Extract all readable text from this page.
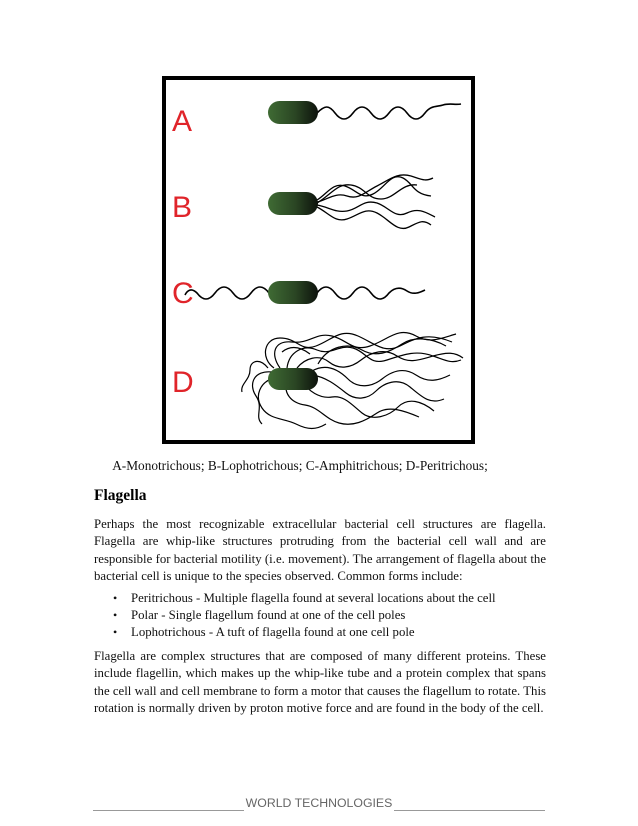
A
B
C
D
A-Monotrichous; B-Lophotrichous; C-Amphitrichous; D-Peritrichous;
Flagella

Perhaps the most recognizable extracellular bacterial cell structures are flagella. Flagella are whip-like structures protruding from the bacterial cell wall and are responsible for bacterial motility (i.e. movement). The arrangement of flagella about the bacterial cell is unique to the species observed. Common forms include:

• Peritrichous - Multiple flagella found at several locations about the cell
• Polar - Single flagellum found at one of the cell poles
• Lophotrichous - A tuft of flagella found at one cell pole

Flagella are complex structures that are composed of many different proteins. These include flagellin, which makes up the whip-like tube and a protein complex that spans the cell wall and cell membrane to form a motor that causes the flagellum to rotate. This rotation is normally driven by proton motive force and are found in the body of the cell.

WORLD TECHNOLOGIES
